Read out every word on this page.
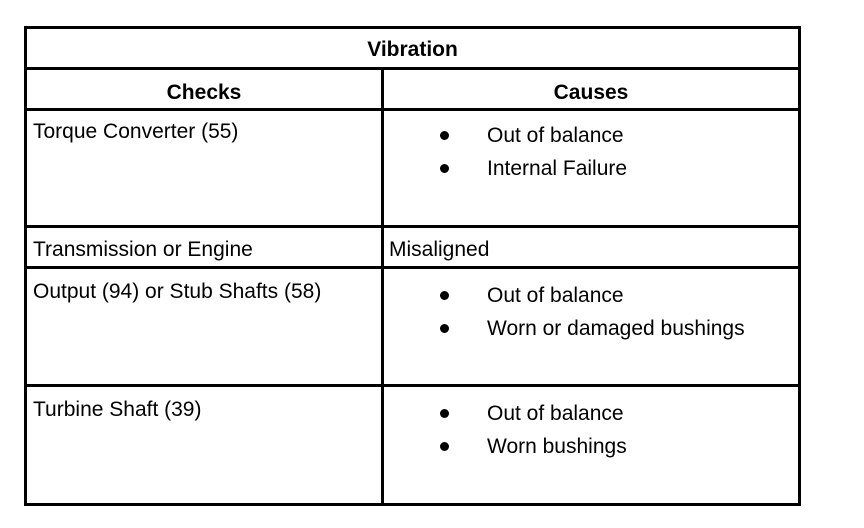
Vibration
Checks	Causes
Torque Converter (55)	Out of balance
Internal Failure
Transmission or Engine	Misaligned
Output (94) or Stub Shafts (58)	Out of balance
Worn or damaged bushings
Turbine Shaft (39)	Out of balance
Worn bushings
